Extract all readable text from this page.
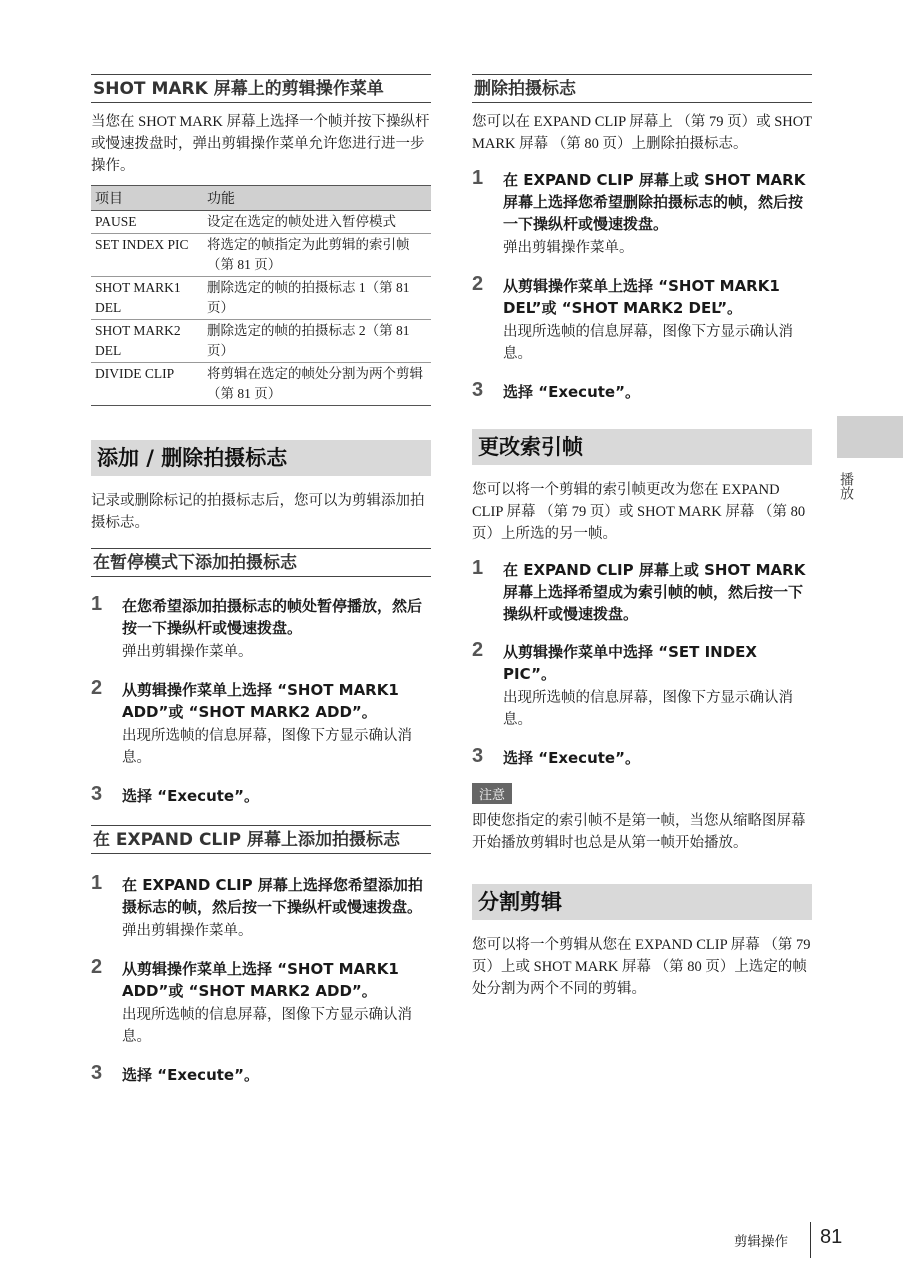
SHOT MARK 屏幕上的剪辑操作菜单

当您在 SHOT MARK 屏幕上选择一个帧并按下操纵杆或慢速拨盘时，弹出剪辑操作菜单允许您进行进一步操作。

项目	功能
PAUSE	设定在选定的帧处进入暂停模式
SET INDEX PIC	将选定的帧指定为此剪辑的索引帧（第 81 页）
SHOT MARK1 DEL	删除选定的帧的拍摄标志 1（第 81 页）
SHOT MARK2 DEL	删除选定的帧的拍摄标志 2（第 81 页）
DIVIDE CLIP	将剪辑在选定的帧处分割为两个剪辑（第 81 页）
添加 / 删除拍摄标志

记录或删除标记的拍摄标志后，您可以为剪辑添加拍摄标志。

在暂停模式下添加拍摄标志
1 在您希望添加拍摄标志的帧处暂停播放，然后按一下操纵杆或慢速拨盘。

弹出剪辑操作菜单。

2 从剪辑操作菜单上选择 “SHOT MARK1 ADD”或 “SHOT MARK2 ADD”。

出现所选帧的信息屏幕，图像下方显示确认消息。

3 选择 “Execute”。

在 EXPAND CLIP 屏幕上添加拍摄标志
1 在 EXPAND CLIP 屏幕上选择您希望添加拍摄标志的帧，然后按一下操纵杆或慢速拨盘。

弹出剪辑操作菜单。

2 从剪辑操作菜单上选择 “SHOT MARK1 ADD”或 “SHOT MARK2 ADD”。

出现所选帧的信息屏幕，图像下方显示确认消息。

3 选择 “Execute”。

删除拍摄标志

您可以在 EXPAND CLIP 屏幕上 （第 79 页）或 SHOT MARK 屏幕 （第 80 页）上删除拍摄标志。

1 在 EXPAND CLIP 屏幕上或 SHOT MARK 屏幕上选择您希望删除拍摄标志的帧，然后按一下操纵杆或慢速拨盘。

弹出剪辑操作菜单。

2 从剪辑操作菜单上选择 “SHOT MARK1 DEL”或 “SHOT MARK2 DEL”。

出现所选帧的信息屏幕，图像下方显示确认消息。

3 选择 “Execute”。

更改索引帧

您可以将一个剪辑的索引帧更改为您在 EXPAND CLIP 屏幕 （第 79 页）或 SHOT MARK 屏幕 （第 80 页）上所选的另一帧。

1 在 EXPAND CLIP 屏幕上或 SHOT MARK 屏幕上选择希望成为索引帧的帧，然后按一下操纵杆或慢速拨盘。

2 从剪辑操作菜单中选择 “SET INDEX PIC”。

出现所选帧的信息屏幕，图像下方显示确认消息。

3 选择 “Execute”。

注意

即使您指定的索引帧不是第一帧，当您从缩略图屏幕开始播放剪辑时也总是从第一帧开始播放。

分割剪辑

您可以将一个剪辑从您在 EXPAND CLIP 屏幕 （第 79 页）上或 SHOT MARK 屏幕 （第 80 页）上选定的帧处分割为两个不同的剪辑。

播放
剪辑操作 81
